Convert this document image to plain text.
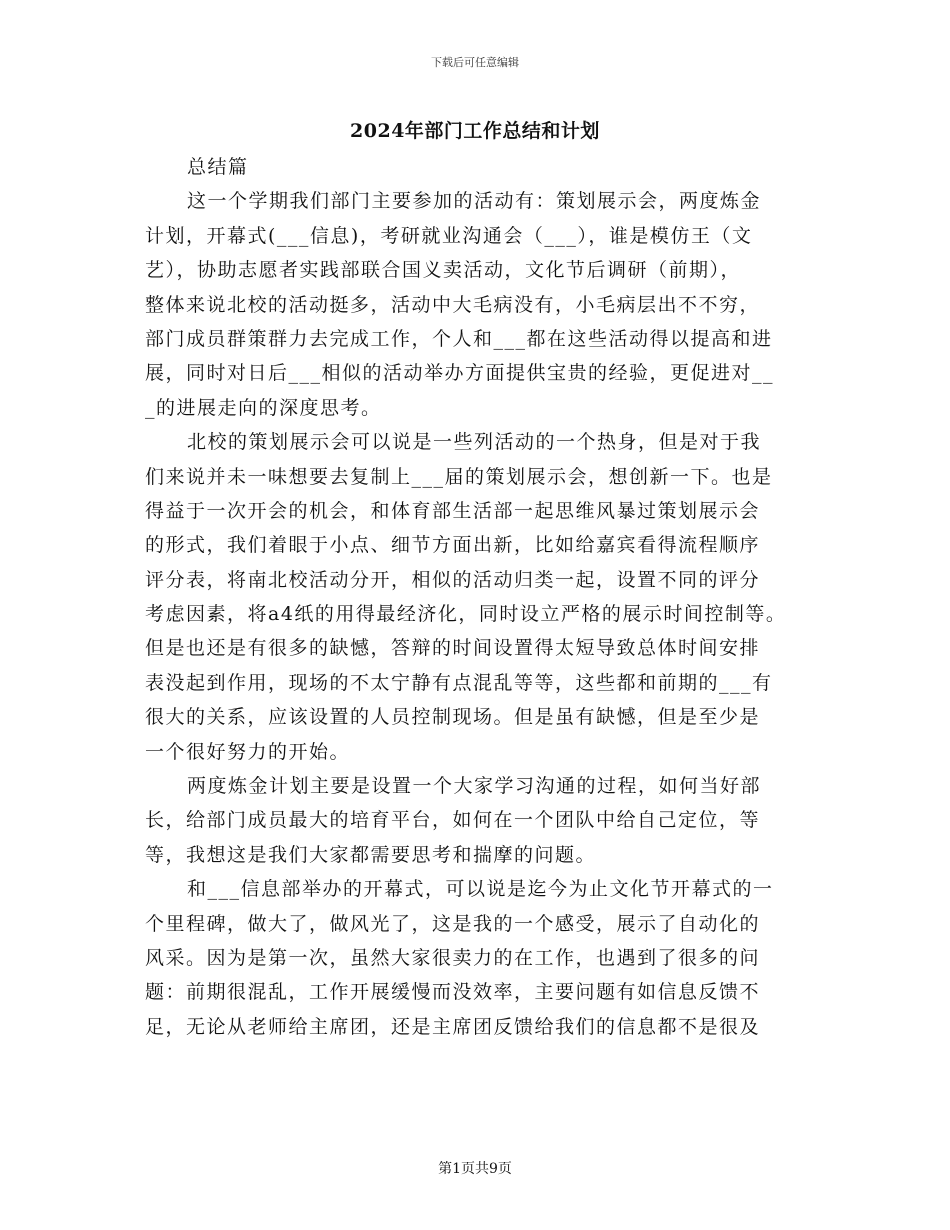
下载后可任意编辑
2024年部门工作总结和计划
总结篇
这一个学期我们部门主要参加的活动有：策划展示会，两度炼金
计划，开幕式(___信息)，考研就业沟通会（___），谁是模仿王（文
艺），协助志愿者实践部联合国义卖活动，文化节后调研（前期），
整体来说北校的活动挺多，活动中大毛病没有，小毛病层出不不穷，
部门成员群策群力去完成工作，个人和___都在这些活动得以提高和进
展，同时对日后___相似的活动举办方面提供宝贵的经验，更促进对__
_的进展走向的深度思考。
北校的策划展示会可以说是一些列活动的一个热身，但是对于我
们来说并未一味想要去复制上___届的策划展示会，想创新一下。也是
得益于一次开会的机会，和体育部生活部一起思维风暴过策划展示会
的形式，我们着眼于小点、细节方面出新，比如给嘉宾看得流程顺序
评分表，将南北校活动分开，相似的活动归类一起，设置不同的评分
考虑因素，将a4纸的用得最经济化，同时设立严格的展示时间控制等。
但是也还是有很多的缺憾，答辩的时间设置得太短导致总体时间安排
表没起到作用，现场的不太宁静有点混乱等等，这些都和前期的___有
很大的关系，应该设置的人员控制现场。但是虽有缺憾，但是至少是
一个很好努力的开始。
两度炼金计划主要是设置一个大家学习沟通的过程，如何当好部
长，给部门成员最大的培育平台，如何在一个团队中给自己定位，等
等，我想这是我们大家都需要思考和揣摩的问题。
和___信息部举办的开幕式，可以说是迄今为止文化节开幕式的一
个里程碑，做大了，做风光了，这是我的一个感受，展示了自动化的
风采。因为是第一次，虽然大家很卖力的在工作，也遇到了很多的问
题：前期很混乱，工作开展缓慢而没效率，主要问题有如信息反馈不
足，无论从老师给主席团，还是主席团反馈给我们的信息都不是很及
第1页共9页
